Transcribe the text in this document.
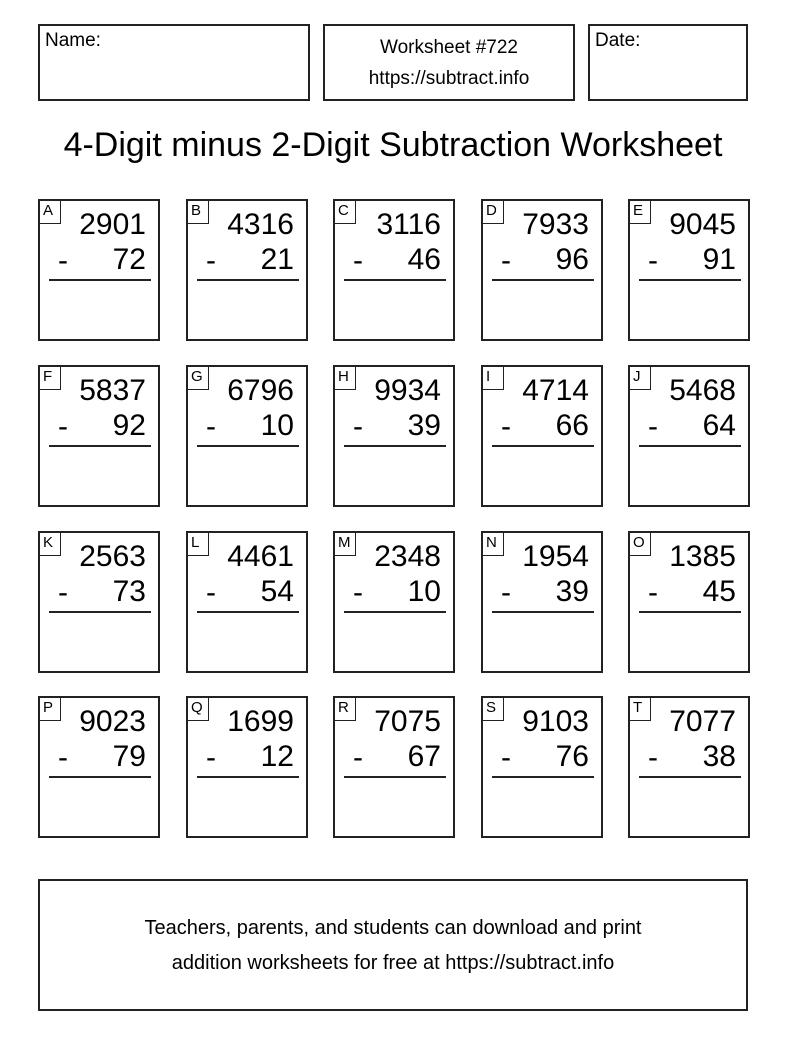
Name:	Worksheet #722
https://subtract.info
Date:
4-Digit minus 2-Digit Subtraction Worksheet
A 2901
- 72
B 4316
- 21
C 3116
- 46
D 7933
- 96
E 9045
- 91
F 5837
- 92
G 6796
- 10
H 9934
- 39
I	4714
- 66
J 5468
- 64
K 2563
- 73
L 4461
- 54
M 2348
- 10
N 1954
- 39
O 1385
- 45
P 9023
- 79
Q 1699
- 12
R 7075
- 67
S 9103
- 76
T 7077
- 38
Teachers, parents, and students can download and print
addition worksheets for free at https://subtract.info
